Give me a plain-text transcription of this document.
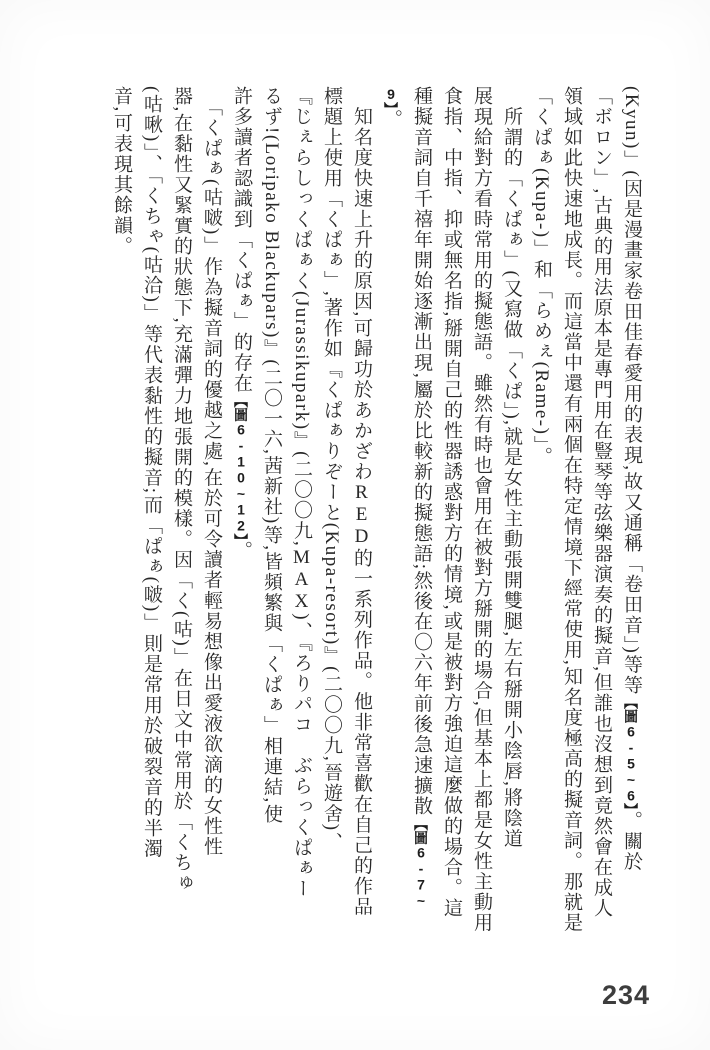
(Kyun)」(因是漫畫家卷田佳春愛用的表現,故又通稱「卷田音」)等等【圖6-5~6】。關於
「ボロン」,古典的用法原本是專門用在豎琴等弦樂器演奏的擬音,但誰也沒想到竟然會在成人
領域如此快速地成長。而這當中還有兩個在特定情境下經常使用,知名度極高的擬音詞。那就是
「くぱぁ(Kupa-)」和「らめぇ(Rame-)」。
　所謂的「くぱぁ」(又寫做「くぱ」),就是女性主動張開雙腿,左右掰開小陰唇,將陰道
展現給對方看時常用的擬態語。雖然有時也會用在被對方掰開的場合,但基本上都是女性主動用
食指、中指、抑或無名指,掰開自己的性器誘惑對方的情境,或是被對方強迫這麼做的場合。這
種擬音詞自千禧年開始逐漸出現,屬於比較新的擬態語;然後在〇六年前後急速擴散【圖6-7~
9】。
　知名度快速上升的原因,可歸功於あかざわRED的一系列作品。他非常喜歡在自己的作品
標題上使用「くぱぁ」,著作如『くぱぁりぞーと(Kupa-resort)』(二〇〇九,晉遊舍)、
『じぇらしっくぱぁく(Jurassikupark)』(二〇〇九,MAX)、『ろりパコ　ぶらっくぱぁー
るず!(Loripako Blackupars)』(二〇一六,茜新社)等,皆頻繁與「くぱぁ」相連結,使
許多讀者認識到「くぱぁ」的存在【圖6-10~12】。
　「くぱぁ(咕啵)」作為擬音詞的優越之處,在於可令讀者輕易想像出愛液欲滴的女性性
器,在黏性又緊實的狀態下,充滿彈力地張開的模樣。因「く(咕)」在日文中常用於「くちゅ
(咕啾)」、「くちゃ(咕洽)」等代表黏性的擬音;而「ぱぁ(啵)」則是常用於破裂音的半濁
音,可表現其餘韻。
234
